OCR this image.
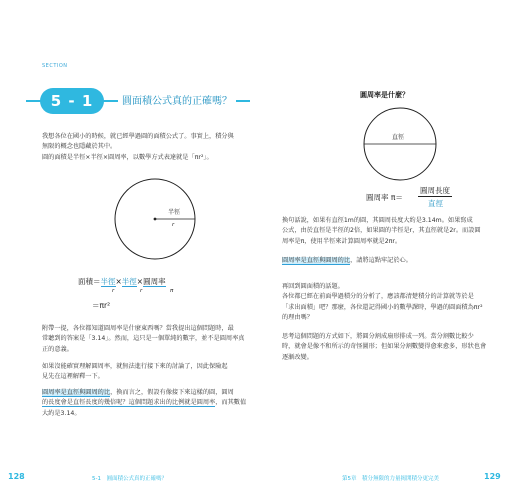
SECTION
5 - 1	圓面積公式真的正確嗎？
我想各位在國小的時候，就已經學過圓的面積公式了。事實上，積分與
無限的概念也隱藏於其中。
圓的面積是半徑×半徑×圓周率，以數學方式表達就是「πr²」。
半徑
r
面積＝半徑×半徑×圓周率
r	r	π
＝πr²
附帶一提，各位都知道圓周率是什麼東西嗎？當我提出這個問題時，最
常聽到的答案是「3.14」。然而，這只是一個單純的數字，並不是圓周率真
正的意義。
如果沒能確實理解圓周率，就無法進行接下來的討論了，因此保險起
見先在這裡解釋一下。
圓周率是直徑與圓周的比，換而言之，假設有像接下來這樣的圓，圓周
的長度會是直徑長度的幾倍呢？這個問題求出的比例就是圓周率，而其數值
大約是3.14。
128	5-1　圓面積公式真的正確嗎？
圓周率是什麼？
直徑
圓周率 π＝
圓周長度
直徑
換句話說，如果有直徑1m的圓，其圓周長度大約是3.14m。如果寫成
公式，由於直徑是半徑的2倍，如果圓的半徑是r，其直徑就是2r。而設圓
周率是π，使用半徑來計算圓周率就是2πr。
圓周率是直徑與圓周的比，請將這點牢記於心。
再回到圓面積的話題。
各位都已經在前面學過積分的分析了，應該都清楚積分的計算就等於是
「求出面積」吧？那麼，各位還記得國小的數學課時，學過的圓面積為πr²
的理由嗎？
思考這個問題的方式如下，將圓分割成扇形排成一列。當分割數比較少
時，就會是像不和所示的奇怪圖形；但如果分割數變得愈來愈多，形狀也會
逐漸改變。
第5章　積分無限的力量揭開積分更完美	129
